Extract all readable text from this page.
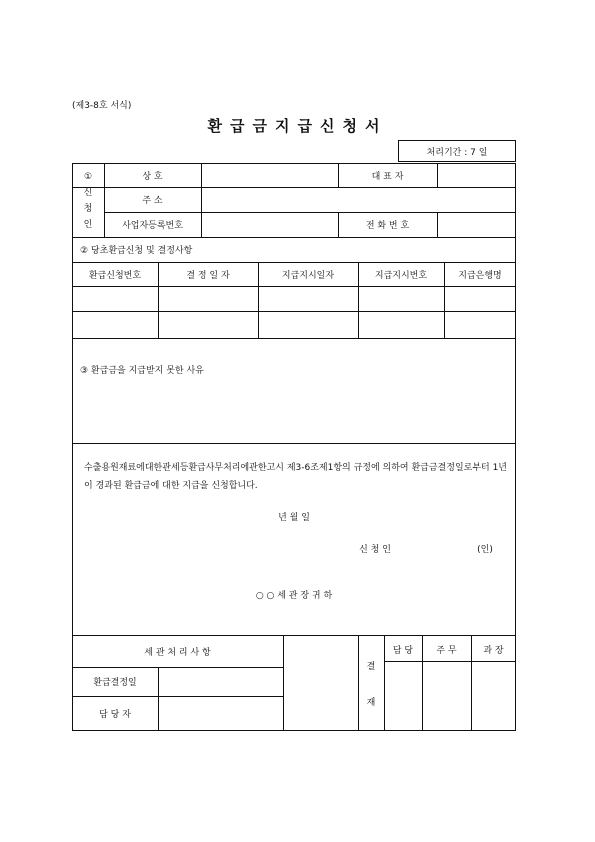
(제3-8호 서식)
환급금지급신청서
처리기간 : 7 일
①
신
청
인
상 호	대 표 자
주 소
사업자등록번호	전 화 번 호
② 당초환급신청 및 결정사항
환급신청번호	결 정 일 자	지급지시일자	지급지시번호	지급은행명
③ 환급금을 지급받지 못한 사유
수출용원재료에대한관세등환급사무처리에관한고시 제3-6조제1항의 규정에 의하여 환급금결정일로부터 1년이 경과된 환급금에 대한 지급을 신청합니다.
년 월 일
신 청 인	(인)
○ ○ 세 관 장 귀 하
세 관 처 리 사 항
환급결정일
담 당 자
결
재
담 당	주 무	과 장
